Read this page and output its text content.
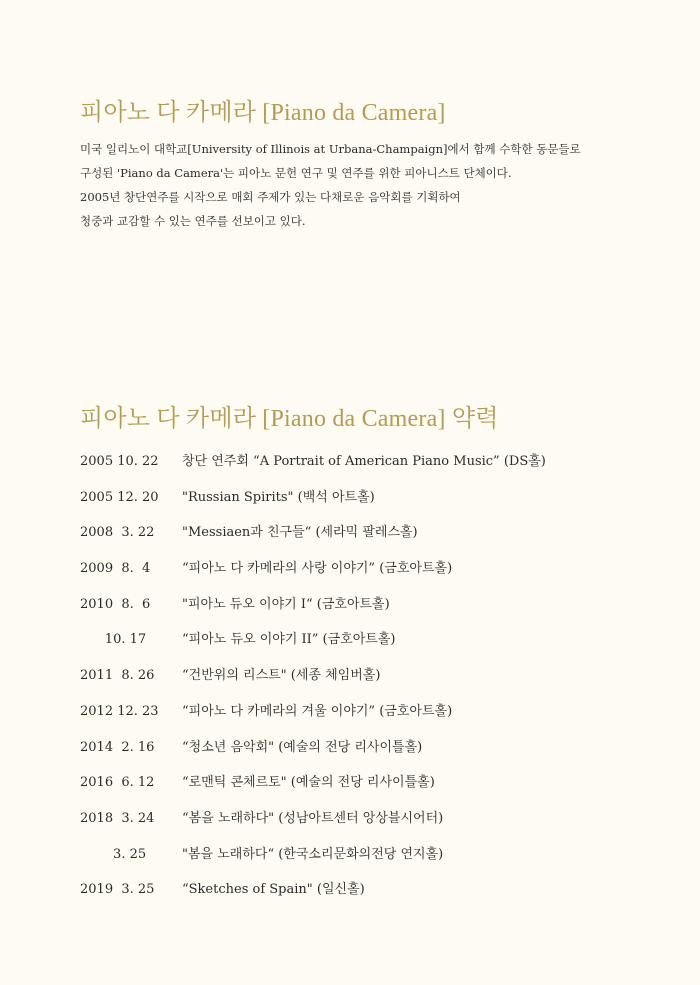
피아노 다 카메라 [Piano da Camera]
미국 일리노이 대학교[University of Illinois at Urbana-Champaign]에서 함께 수학한 동문들로
구성된 'Piano da Camera'는 피아노 문헌 연구 및 연주를 위한 피아니스트 단체이다.
2005년 창단연주를 시작으로 매회 주제가 있는 다채로운 음악회를 기획하여
청중과 교감할 수 있는 연주를 선보이고 있다.
피아노 다 카메라 [Piano da Camera] 약력
2005 10. 22	창단 연주회 “A Portrait of American Piano Music” (DS홀)
2005 12. 20	"Russian Spirits" (백석 아트홀)
2008  3. 22	"Messiaen과 친구들“ (세라믹 팔레스홀)
2009  8.  4	“피아노 다 카메라의 사랑 이야기” (금호아트홀)
2010  8.  6	"피아노 듀오 이야기 I“ (금호아트홀)
10. 17	“피아노 듀오 이야기 II” (금호아트홀)
2011  8. 26	“건반위의 리스트" (세종 체임버홀)
2012 12. 23	“피아노 다 카메라의 겨울 이야기” (금호아트홀)
2014  2. 16	“청소년 음악회" (예술의 전당 리사이틀홀)
2016  6. 12	“로맨틱 콘체르토" (예술의 전당 리사이틀홀)
2018  3. 24	“봄을 노래하다" (성남아트센터 앙상블시어터)
3. 25	"봄을 노래하다“ (한국소리문화의전당 연지홀)
2019  3. 25	“Sketches of Spain" (일신홀)
